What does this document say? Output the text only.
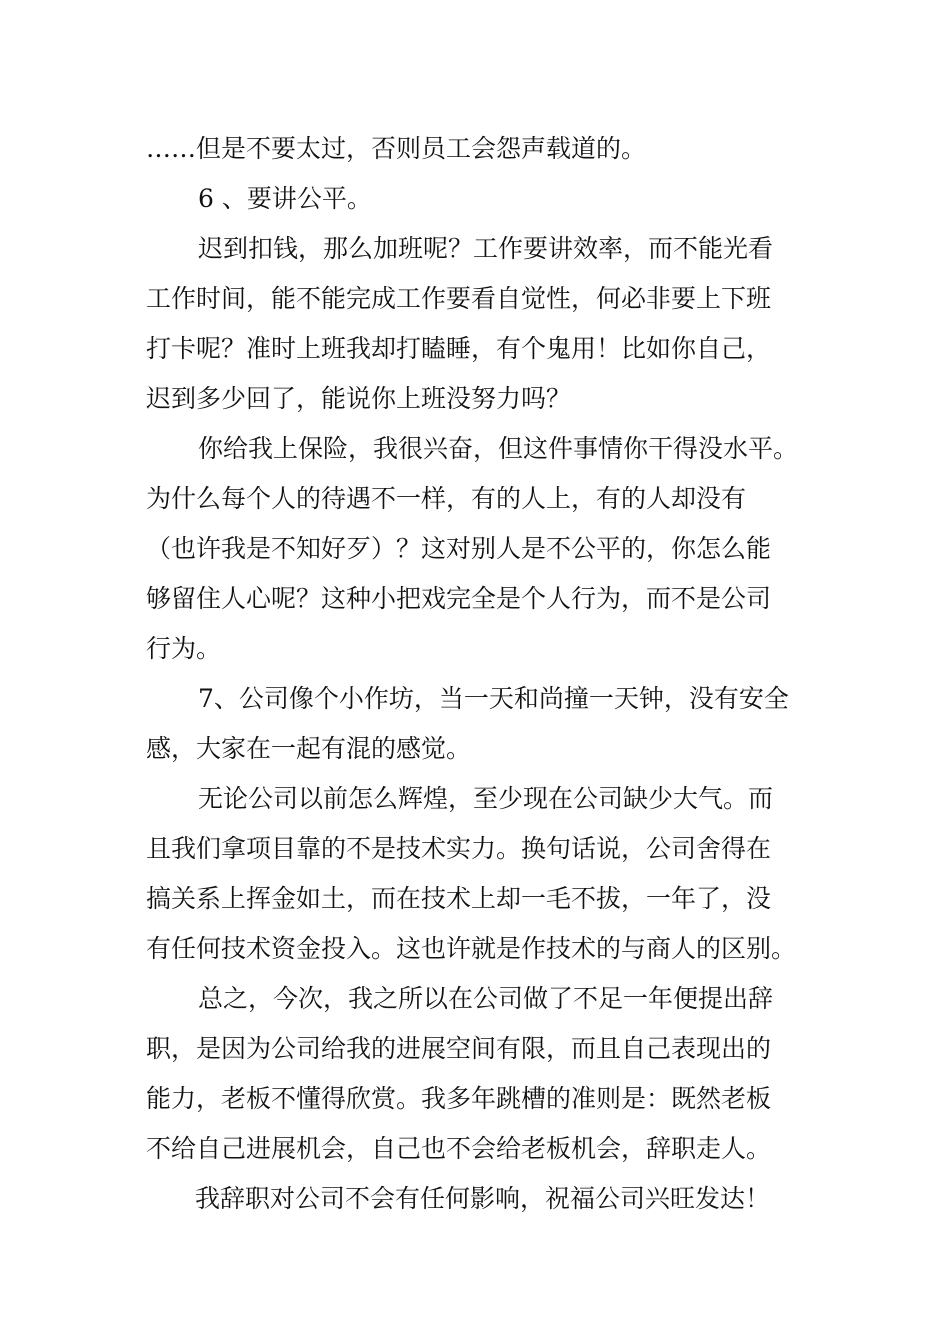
……但是不要太过，否则员工会怨声载道的。
6 、要讲公平。
迟到扣钱，那么加班呢？工作要讲效率，而不能光看
工作时间，能不能完成工作要看自觉性，何必非要上下班
打卡呢？准时上班我却打瞌睡，有个鬼用！比如你自己，
迟到多少回了，能说你上班没努力吗？
你给我上保险，我很兴奋，但这件事情你干得没水平。
为什么每个人的待遇不一样，有的人上，有的人却没有
（也许我是不知好歹）？这对别人是不公平的，你怎么能
够留住人心呢？这种小把戏完全是个人行为，而不是公司
行为。
7、公司像个小作坊，当一天和尚撞一天钟，没有安全
感，大家在一起有混的感觉。
无论公司以前怎么辉煌，至少现在公司缺少大气。而
且我们拿项目靠的不是技术实力。换句话说，公司舍得在
搞关系上挥金如土，而在技术上却一毛不拔，一年了，没
有任何技术资金投入。这也许就是作技术的与商人的区别。
总之，今次，我之所以在公司做了不足一年便提出辞
职，是因为公司给我的进展空间有限，而且自己表现出的
能力，老板不懂得欣赏。我多年跳槽的准则是：既然老板
不给自己进展机会，自己也不会给老板机会，辞职走人。
我辞职对公司不会有任何影响，祝福公司兴旺发达！
